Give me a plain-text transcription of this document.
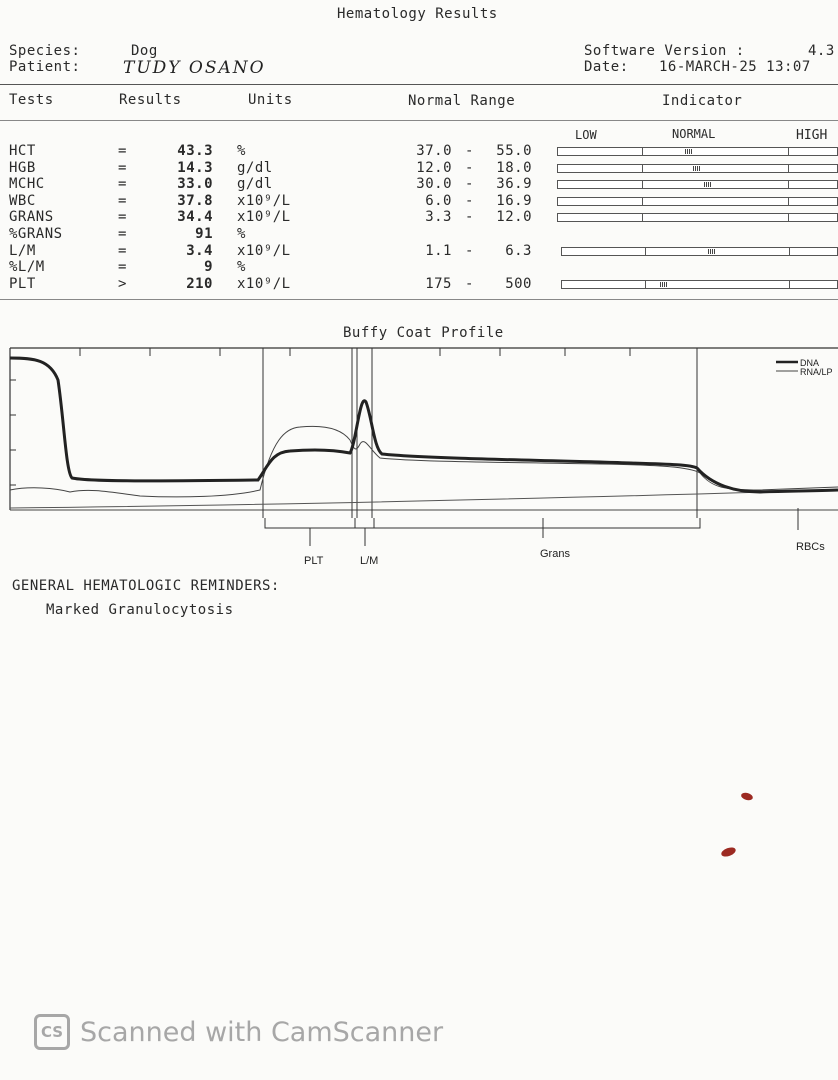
Hematology Results
Species:	Dog
Patient:	TUDY OSANO
Software Version :	4.3
Date: 16-MARCH-25 13:07
Tests	Results	Units	Normal Range	Indicator
LOW	NORMAL	HIGH
HCT	=	43.3 %	37.0 -	55.0
HGB	=	14.3 g/dl	12.0 -	18.0
MCHC	=	33.0 g/dl	30.0 -	36.9
WBC	=	37.8 x10⁹/L	6.0 -	16.9
GRANS	=	34.4 x10⁹/L	3.3 -	12.0
%GRANS	=	91 %
L/M	=	3.4 x10⁹/L	1.1 -	6.3
%L/M	=	9 %
PLT	>	210 x10⁹/L	175 -	500
Buffy Coat Profile
DNA
RNA/LP
PLT	L/M
Grans
RBCs
GENERAL HEMATOLOGIC REMINDERS:
Marked Granulocytosis
CS Scanned with CamScanner
